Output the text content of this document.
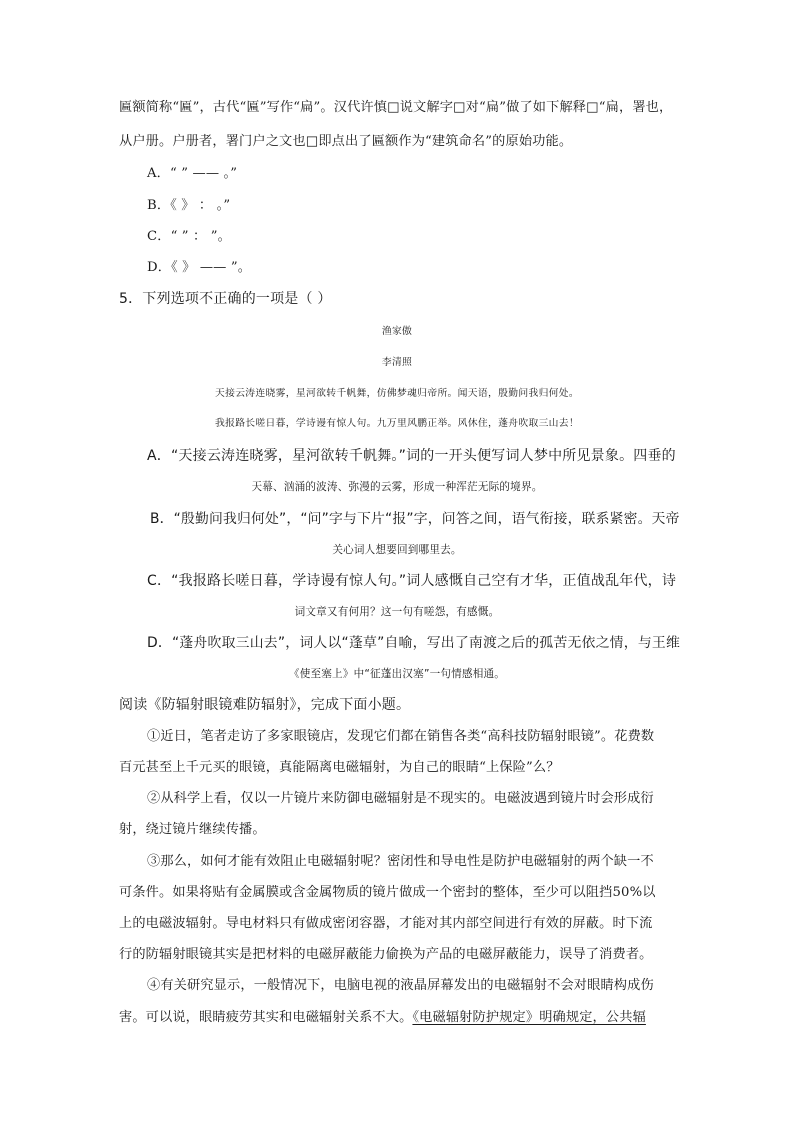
匾额简称“匾”，古代“匾”写作“扁”。汉代许慎□说文解字□对“扁”做了如下解释□“扁，署也，
从户册。户册者，署门户之文也□即点出了匾额作为“建筑命名”的原始功能。
A．“ ” —— 。”
B．《 》 ： 。”
C．“ ” ： ”。
D．《 》 —— ”。
5．下列选项不正确的一项是（ ）
渔家傲
李清照
天接云涛连晓雾，星河欲转千帆舞，仿佛梦魂归帝所。闻天语，殷勤问我归何处。
我报路长嗟日暮，学诗谩有惊人句。九万里风鹏正举。风休住，蓬舟吹取三山去！
A．“天接云涛连晓雾，星河欲转千帆舞。”词的一开头便写词人梦中所见景象。四垂的
天幕、汹涌的波涛、弥漫的云雾，形成一种浑茫无际的境界。
B．“殷勤问我归何处”，“问”字与下片“报”字，问答之间，语气衔接，联系紧密。天帝
关心词人想要回到哪里去。
C．“我报路长嗟日暮，学诗谩有惊人句。”词人感慨自己空有才华，正值战乱年代，诗
词文章又有何用？这一句有嗟怨，有感慨。
D．“蓬舟吹取三山去”，词人以“蓬草”自喻，写出了南渡之后的孤苦无依之情，与王维
《使至塞上》中“征蓬出汉塞”一句情感相通。
阅读《防辐射眼镜难防辐射》，完成下面小题。
①近日，笔者走访了多家眼镜店，发现它们都在销售各类“高科技防辐射眼镜”。花费数
百元甚至上千元买的眼镜，真能隔离电磁辐射，为自己的眼睛“上保险”么？
②从科学上看，仅以一片镜片来防御电磁辐射是不现实的。电磁波遇到镜片时会形成衍
射，绕过镜片继续传播。
③那么，如何才能有效阻止电磁辐射呢？密闭性和导电性是防护电磁辐射的两个缺一不
可条件。如果将贴有金属膜或含金属物质的镜片做成一个密封的整体，至少可以阻挡50%以
上的电磁波辐射。导电材料只有做成密闭容器，才能对其内部空间进行有效的屏蔽。时下流
行的防辐射眼镜其实是把材料的电磁屏蔽能力偷换为产品的电磁屏蔽能力，误导了消费者。
④有关研究显示，一般情况下，电脑电视的液晶屏幕发出的电磁辐射不会对眼睛构成伤
害。可以说，眼睛疲劳其实和电磁辐射关系不大。《电磁辐射防护规定》明确规定，公共辐
